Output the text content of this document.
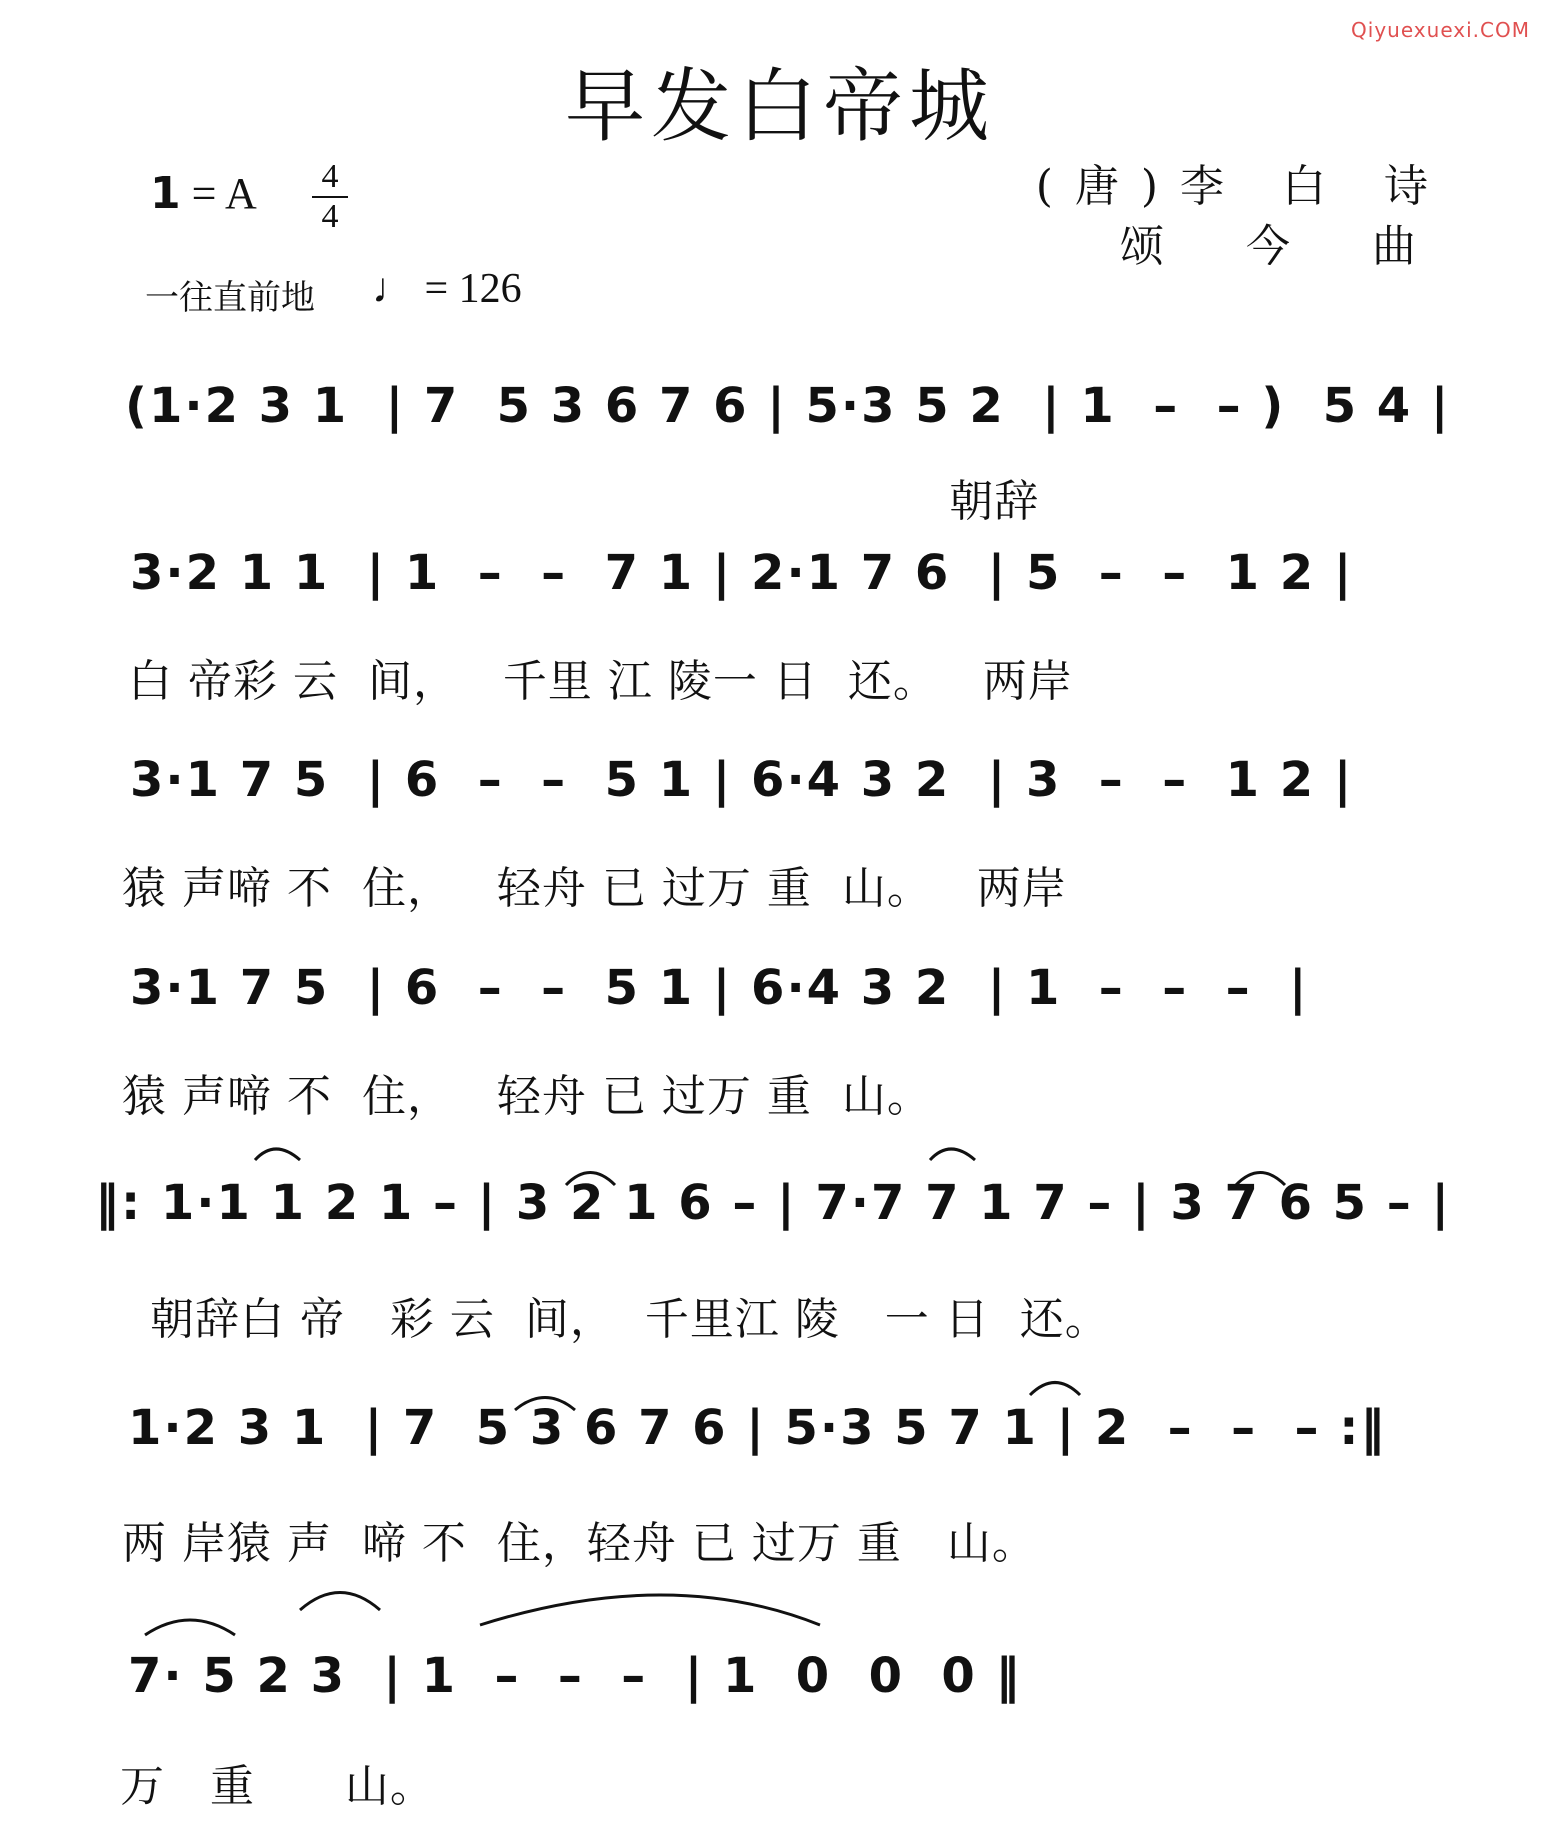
Qiyuexuexi.COM
早发白帝城
1 = A 4
4
一往直前地 ♩ = 126
(唐)李 白 诗
颂 今 曲
(1·2 3 1  | 7  5 3 6 7 6 | 5·3 5 2  | 1  –  – )  5 4 |
朝辞
3·2 1 1  | 1  –  –  7 1 | 2·1 7 6  | 5  –  –  1 2 |
白 帝彩 云  间，   千里 江 陵一 日  还。   两岸
3·1 7 5  | 6  –  –  5 1 | 6·4 3 2  | 3  –  –  1 2 |
猿 声啼 不  住，   轻舟 已 过万 重  山。   两岸
3·1 7 5  | 6  –  –  5 1 | 6·4 3 2  | 1  –  –  –  |
猿 声啼 不  住，   轻舟 已 过万 重  山。
‖: 1·1 1 2 1 – | 3 2 1 6 – | 7·7 7 1 7 – | 3 7 6 5 – |
朝辞白 帝   彩 云  间，  千里江 陵   一 日  还。
1·2 3 1  | 7  5 3 6 7 6 | 5·3 5 7 1 | 2  –  –  – :‖
两 岸猿 声  啼 不  住，轻舟 已 过万 重   山。
7· 5 2 3  | 1  –  –  –  | 1  0  0  0 ‖
万   重      山。
